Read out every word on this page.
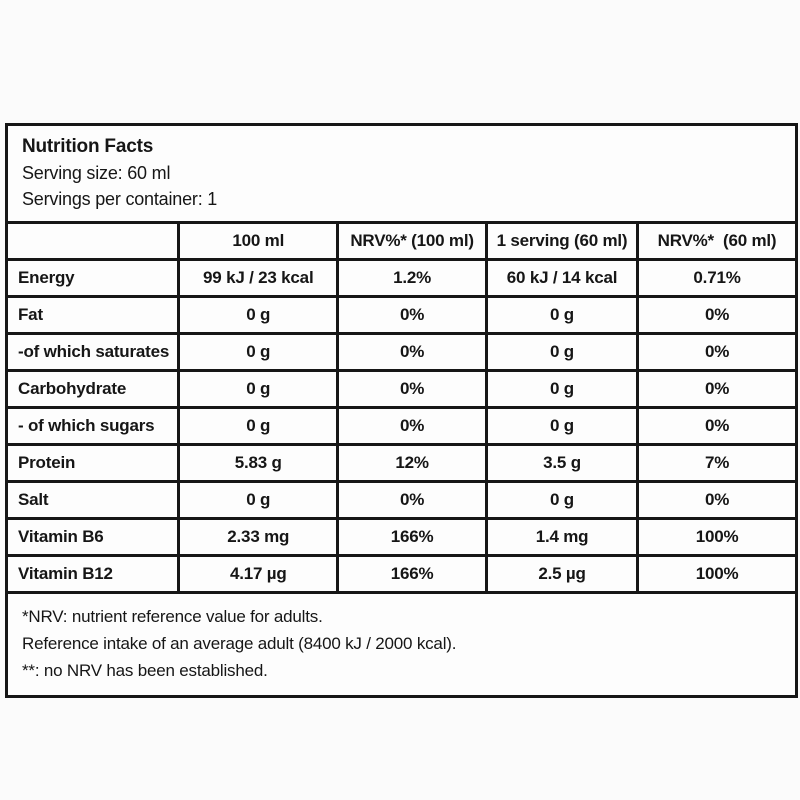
Nutrition Facts
Serving size: 60 ml
Servings per container: 1
	100 ml	NRV%* (100 ml)	1 serving (60 ml)	NRV%*  (60 ml)
Energy	99 kJ / 23 kcal	1.2%	60 kJ / 14 kcal	0.71%
Fat	0 g	0%	0 g	0%
-of which saturates	0 g	0%	0 g	0%
Carbohydrate	0 g	0%	0 g	0%
- of which sugars	0 g	0%	0 g	0%
Protein	5.83 g	12%	3.5 g	7%
Salt	0 g	0%	0 g	0%
Vitamin B6	2.33 mg	166%	1.4 mg	100%
Vitamin B12	4.17 µg	166%	2.5 µg	100%
*NRV: nutrient reference value for adults.
Reference intake of an average adult (8400 kJ / 2000 kcal).
**: no NRV has been established.
